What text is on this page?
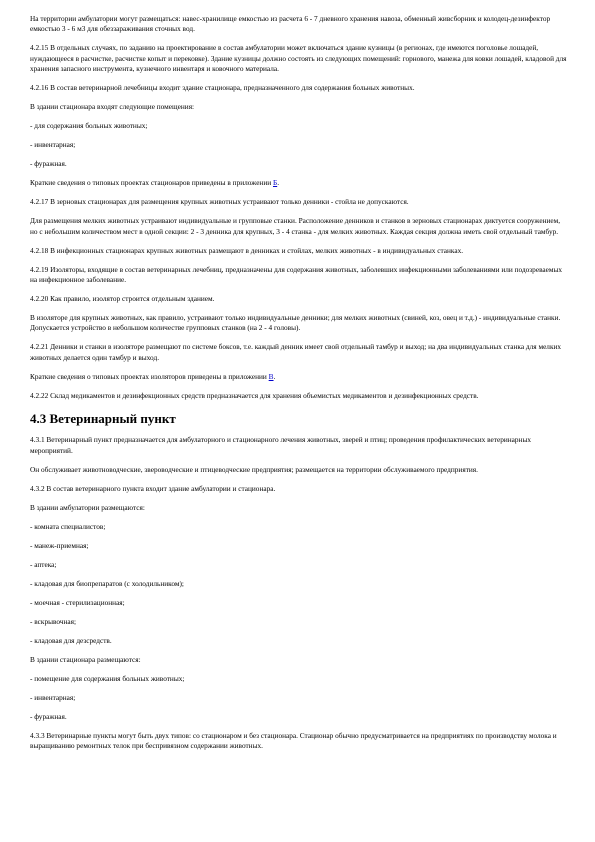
На территории амбулатории могут размещаться: навес-хранилище емкостью из расчета 6 - 7 дневного хранения навоза, обменный живсборник и колодец-дезинфектор емкостью 3 - 6 м3 для обеззараживания сточных вод.

4.2.15 В отдельных случаях, по заданию на проектирование в состав амбулатории может включаться здание кузницы (в регионах, где имеются поголовье лошадей, нуждающееся в расчистке, расчистке копыт и перековке). Здание кузницы должно состоять из следующих помещений: горнового, манежа для ковки лошадей, кладовой для хранения запасного инструмента, кузнечного инвентаря и ковочного материала.

4.2.16 В состав ветеринарной лечебницы входит здание стационара, предназначенного для содержания больных животных.

В здании стационара входят следующие помещения:

- для содержания больных животных;

- инвентарная;

- фуражная.

Краткие сведения о типовых проектах стационаров приведены в приложении Б.

4.2.17 В зерновых стационарах для размещения крупных животных устраивают только денники - стойла не допускаются.

Для размещения мелких животных устраивают индивидуальные и групповые станки. Расположение денников и станков в зерновых стационарах диктуется сооружением, но с небольшим количеством мест в одной секции: 2 - 3 денника для крупных, 3 - 4 станка - для мелких животных. Каждая секция должна иметь свой отдельный тамбур.

4.2.18 В инфекционных стационарах крупных животных размещают в денниках и стойлах, мелких животных - в индивидуальных станках.

4.2.19 Изоляторы, входящие в состав ветеринарных лечебниц, предназначены для содержания животных, заболевших инфекционными заболеваниями или подозреваемых на инфекционное заболевание.

4.2.20 Как правило, изолятор строится отдельным зданием.

В изоляторе для крупных животных, как правило, устраивают только индивидуальные денники; для мелких животных (свиней, коз, овец и т.д.) - индивидуальные станки. Допускается устройство в небольшом количестве групповых станков (на 2 - 4 головы).

4.2.21 Денники и станки в изоляторе размещают по системе боксов, т.е. каждый денник имеет свой отдельный тамбур и выход; на два индивидуальных станка для мелких животных делается один тамбур и выход.

Краткие сведения о типовых проектах изоляторов приведены в приложении В.

4.2.22 Склад медикаментов и дезинфекционных средств предназначается для хранения объемистых медикаментов и дезинфекционных средств.

4.3 Ветеринарный пункт

4.3.1 Ветеринарный пункт предназначается для амбулаторного и стационарного лечения животных, зверей и птиц; проведения профилактических ветеринарных мероприятий.

Он обслуживает животноводческие, звероводческие и птицеводческие предприятия; размещается на территории обслуживаемого предприятия.

4.3.2 В состав ветеринарного пункта входит здание амбулатории и стационара.

В здании амбулатории размещаются:

- комната специалистов;

- манеж-приемная;

- аптека;

- кладовая для биопрепаратов (с холодильником);

- моечная - стерилизационная;

- вскрывочная;

- кладовая для дезсредств.

В здании стационара размещаются:

- помещение для содержания больных животных;

- инвентарная;

- фуражная.

4.3.3 Ветеринарные пункты могут быть двух типов: со стационаром и без стационара. Стационар обычно предусматривается на предприятиях по производству молока и выращиванию ремонтных телок при беспривязном содержании животных.
